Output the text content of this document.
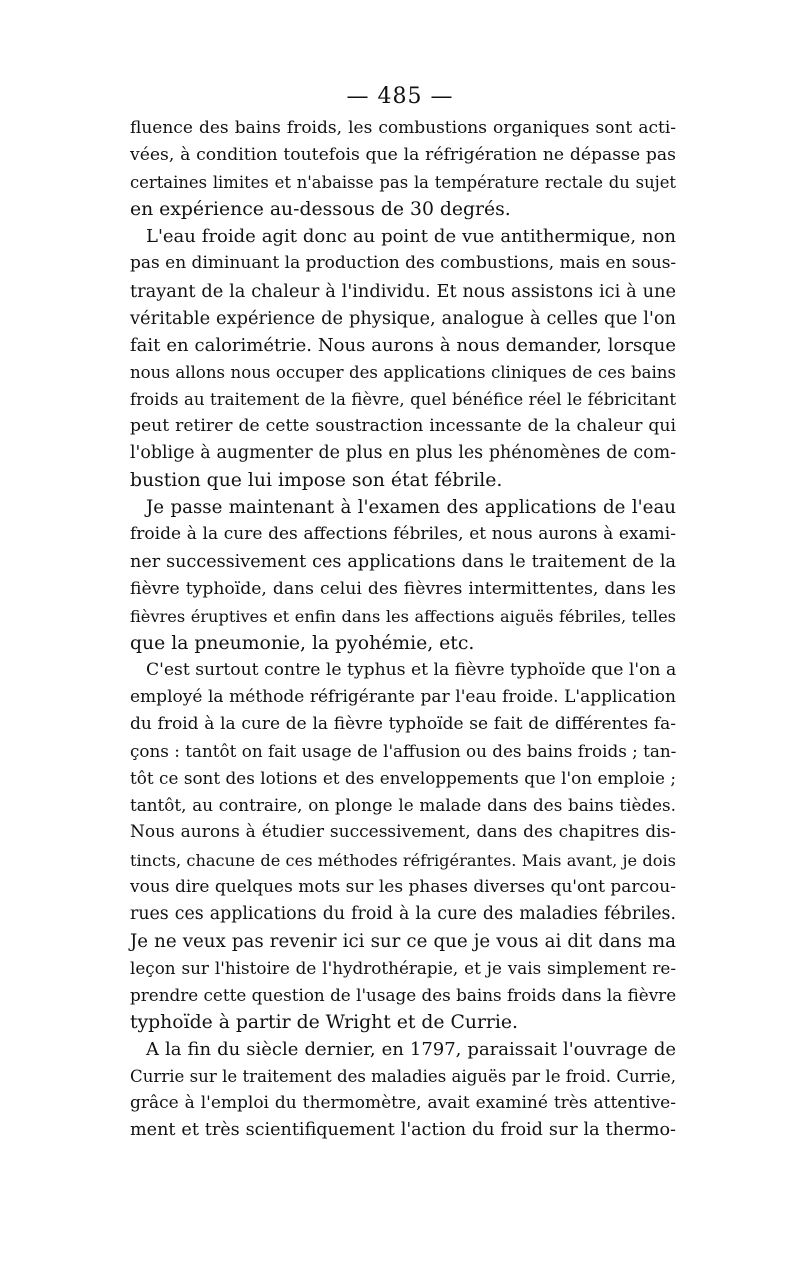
— 485 —
fluence des bains froids, les combustions organiques sont acti-
vées, à condition toutefois que la réfrigération ne dépasse pas
certaines limites et n'abaisse pas la température rectale du sujet
en expérience au-dessous de 30 degrés.
L'eau froide agit donc au point de vue antithermique, non
pas en diminuant la production des combustions, mais en sous-
trayant de la chaleur à l'individu. Et nous assistons ici à une
véritable expérience de physique, analogue à celles que l'on
fait en calorimétrie. Nous aurons à nous demander, lorsque
nous allons nous occuper des applications cliniques de ces bains
froids au traitement de la fièvre, quel bénéfice réel le fébricitant
peut retirer de cette soustraction incessante de la chaleur qui
l'oblige à augmenter de plus en plus les phénomènes de com-
bustion que lui impose son état fébrile.
Je passe maintenant à l'examen des applications de l'eau
froide à la cure des affections fébriles, et nous aurons à exami-
ner successivement ces applications dans le traitement de la
fièvre typhoïde, dans celui des fièvres intermittentes, dans les
fièvres éruptives et enfin dans les affections aiguës fébriles, telles
que la pneumonie, la pyohémie, etc.
C'est surtout contre le typhus et la fièvre typhoïde que l'on a
employé la méthode réfrigérante par l'eau froide. L'application
du froid à la cure de la fièvre typhoïde se fait de différentes fa-
çons : tantôt on fait usage de l'affusion ou des bains froids ; tan-
tôt ce sont des lotions et des enveloppements que l'on emploie ;
tantôt, au contraire, on plonge le malade dans des bains tièdes.
Nous aurons à étudier successivement, dans des chapitres dis-
tincts, chacune de ces méthodes réfrigérantes. Mais avant, je dois
vous dire quelques mots sur les phases diverses qu'ont parcou-
rues ces applications du froid à la cure des maladies fébriles.
Je ne veux pas revenir ici sur ce que je vous ai dit dans ma
leçon sur l'histoire de l'hydrothérapie, et je vais simplement re-
prendre cette question de l'usage des bains froids dans la fièvre
typhoïde à partir de Wright et de Currie.
A la fin du siècle dernier, en 1797, paraissait l'ouvrage de
Currie sur le traitement des maladies aiguës par le froid. Currie,
grâce à l'emploi du thermomètre, avait examiné très attentive-
ment et très scientifiquement l'action du froid sur la thermo-
